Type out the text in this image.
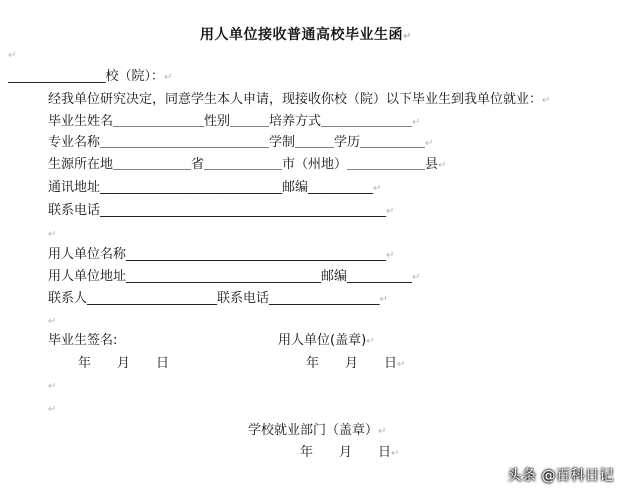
用人单位接收普通高校毕业生函↵
↵
_______________校（院）：↵
经我单位研究决定，同意学生本人申请，现接收你校（院）以下毕业生到我单位就业：↵
毕业生姓名＿＿＿＿＿＿＿性别＿＿＿培养方式＿＿＿＿＿＿＿↵
专业名称＿＿＿＿＿＿＿＿＿＿＿＿＿学制＿＿＿学历＿＿＿＿＿↵
生源所在地＿＿＿＿＿＿省＿＿＿＿＿＿市（州地）＿＿＿＿＿＿县↵
通讯地址____________________________邮编__________↵
联系电话____________________________________________↵
↵
用人单位名称________________________________________↵
用人单位地址______________________________邮编__________↵
联系人____________________联系电话_________________↵
↵
毕业生签名:	用人单位(盖章)↵
年　　月　　日	年　　月　　日↵
↵
↵
学校就业部门（盖章）↵
年　　月　　日↵
头条 @百科日记
